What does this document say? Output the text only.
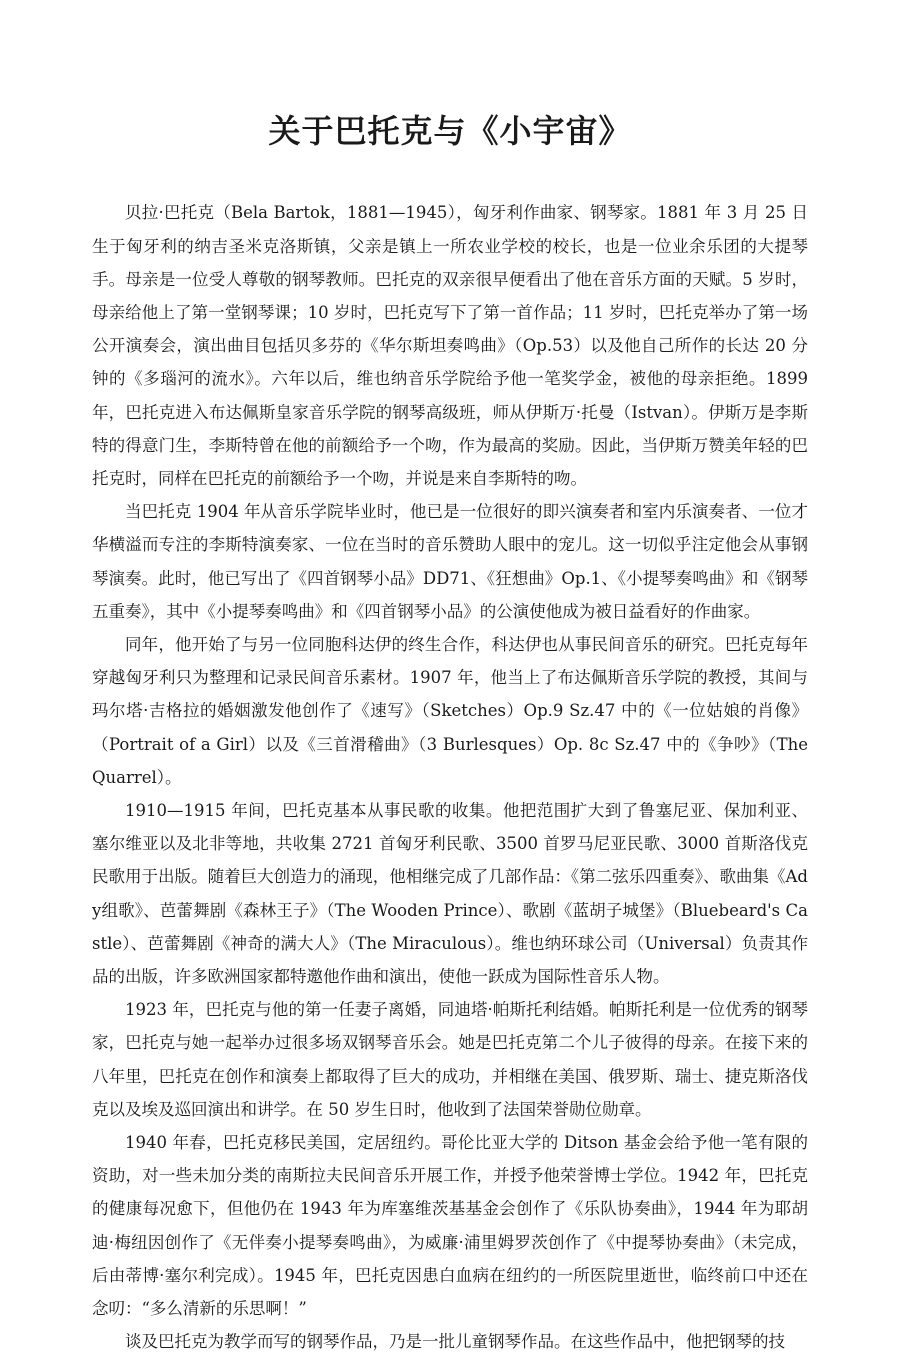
关于巴托克与《小宇宙》

贝拉·巴托克（Bela Bartok，1881—1945），匈牙利作曲家、钢琴家。1881 年 3 月 25 日生于匈牙利的纳吉圣米克洛斯镇，父亲是镇上一所农业学校的校长，也是一位业余乐团的大提琴手。母亲是一位受人尊敬的钢琴教师。巴托克的双亲很早便看出了他在音乐方面的天赋。5 岁时，母亲给他上了第一堂钢琴课；10 岁时，巴托克写下了第一首作品；11 岁时，巴托克举办了第一场公开演奏会，演出曲目包括贝多芬的《华尔斯坦奏鸣曲》（Op.53）以及他自己所作的长达 20 分钟的《多瑙河的流水》。六年以后，维也纳音乐学院给予他一笔奖学金，被他的母亲拒绝。1899 年，巴托克进入布达佩斯皇家音乐学院的钢琴高级班，师从伊斯万·托曼（Istvan）。伊斯万是李斯特的得意门生，李斯特曾在他的前额给予一个吻，作为最高的奖励。因此，当伊斯万赞美年轻的巴托克时，同样在巴托克的前额给予一个吻，并说是来自李斯特的吻。

当巴托克 1904 年从音乐学院毕业时，他已是一位很好的即兴演奏者和室内乐演奏者、一位才华横溢而专注的李斯特演奏家、一位在当时的音乐赞助人眼中的宠儿。这一切似乎注定他会从事钢琴演奏。此时，他已写出了《四首钢琴小品》DD71、《狂想曲》Op.1、《小提琴奏鸣曲》和《钢琴五重奏》，其中《小提琴奏鸣曲》和《四首钢琴小品》的公演使他成为被日益看好的作曲家。

同年，他开始了与另一位同胞科达伊的终生合作，科达伊也从事民间音乐的研究。巴托克每年穿越匈牙利只为整理和记录民间音乐素材。1907 年，他当上了布达佩斯音乐学院的教授，其间与玛尔塔·吉格拉的婚姻激发他创作了《速写》（Sketches）Op.9 Sz.47 中的《一位姑娘的肖像》（Portrait of a Girl）以及《三首滑稽曲》（3 Burlesques）Op. 8c Sz.47 中的《争吵》（The Quarrel）。

1910—1915 年间，巴托克基本从事民歌的收集。他把范围扩大到了鲁塞尼亚、保加利亚、塞尔维亚以及北非等地，共收集 2721 首匈牙利民歌、3500 首罗马尼亚民歌、3000 首斯洛伐克民歌用于出版。随着巨大创造力的涌现，他相继完成了几部作品：《第二弦乐四重奏》、歌曲集《Ady组歌》、芭蕾舞剧《森林王子》（The Wooden Prince）、歌剧《蓝胡子城堡》（Bluebeard's Castle）、芭蕾舞剧《神奇的满大人》（The Miraculous）。维也纳环球公司（Universal）负责其作品的出版，许多欧洲国家都特邀他作曲和演出，使他一跃成为国际性音乐人物。

1923 年，巴托克与他的第一任妻子离婚，同迪塔·帕斯托利结婚。帕斯托利是一位优秀的钢琴家，巴托克与她一起举办过很多场双钢琴音乐会。她是巴托克第二个儿子彼得的母亲。在接下来的八年里，巴托克在创作和演奏上都取得了巨大的成功，并相继在美国、俄罗斯、瑞士、捷克斯洛伐克以及埃及巡回演出和讲学。在 50 岁生日时，他收到了法国荣誉勋位勋章。

1940 年春，巴托克移民美国，定居纽约。哥伦比亚大学的 Ditson 基金会给予他一笔有限的资助，对一些未加分类的南斯拉夫民间音乐开展工作，并授予他荣誉博士学位。1942 年，巴托克的健康每况愈下，但他仍在 1943 年为库塞维茨基基金会创作了《乐队协奏曲》，1944 年为耶胡迪·梅纽因创作了《无伴奏小提琴奏鸣曲》，为威廉·浦里姆罗茨创作了《中提琴协奏曲》（未完成，后由蒂博·塞尔利完成）。1945 年，巴托克因患白血病在纽约的一所医院里逝世，临终前口中还在念叨：“多么清新的乐思啊！”

谈及巴托克为教学而写的钢琴作品，乃是一批儿童钢琴作品。在这些作品中，他把钢琴的技
